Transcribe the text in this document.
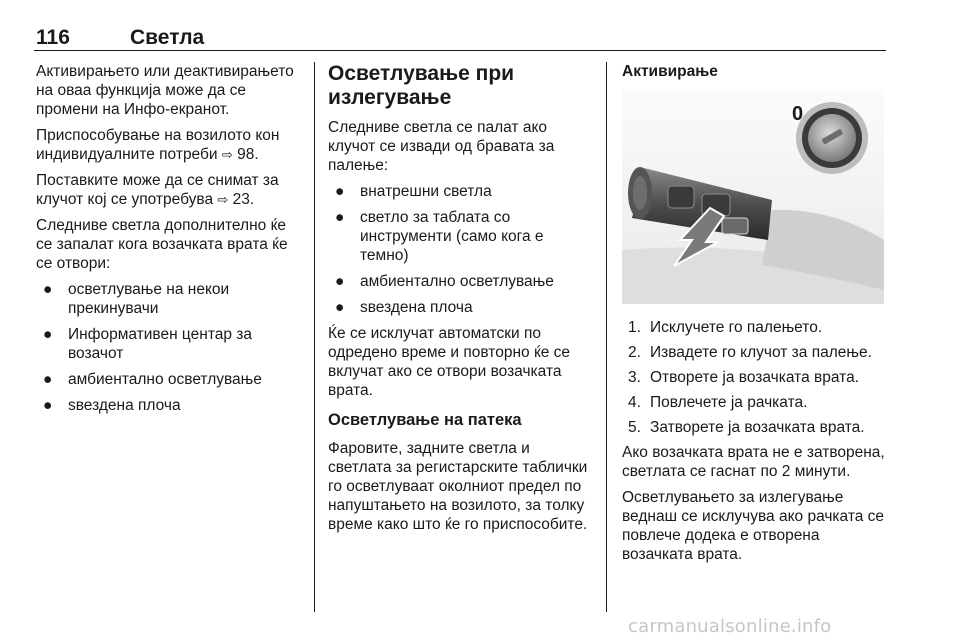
116	Светла

Активирањето или деактивирањето на оваа функција може да се промени на Инфо-екранот.

Приспособување на возилото кон индивидуалните потреби ⇨ 98.

Поставките може да се снимат за клучот кој се употребува ⇨ 23.

Следниве светла дополнително ќе се запалат кога возачката врата ќе се отвори:

● осветлување на некои прекинувачи
● Информативен центар за возачот
● амбиентално осветлување
● ѕвездена плоча
Осветлување при излегување

Следниве светла се палат ако клучот се извади од бравата за палење:

● внатрешни светла
● светло за таблата со инструменти (само кога е темно)
● амбиентално осветлување
● ѕвездена плоча

Ќе се исклучат автоматски по одредено време и повторно ќе се вклучат ако се отвори возачката врата.

Осветлување на патека

Фаровите, задните светла и светлата за регистарските таблички го осветлуваат околниот предел по напуштањето на возилото, за толку време како што ќе го приспособите.

Активирање
0
1. Исклучете го палењето.
2. Извадете го клучот за палење.
3. Отворете ја возачката врата.
4. Повлечете ја рачката.
5. Затворете ја возачката врата.

Ако возачката врата не е затворена, светлата се гаснат по 2 минути.

Осветлувањето за излегување веднаш се исклучува ако рачката се повлече додека е отворена возачката врата.

carmanualsonline.info
